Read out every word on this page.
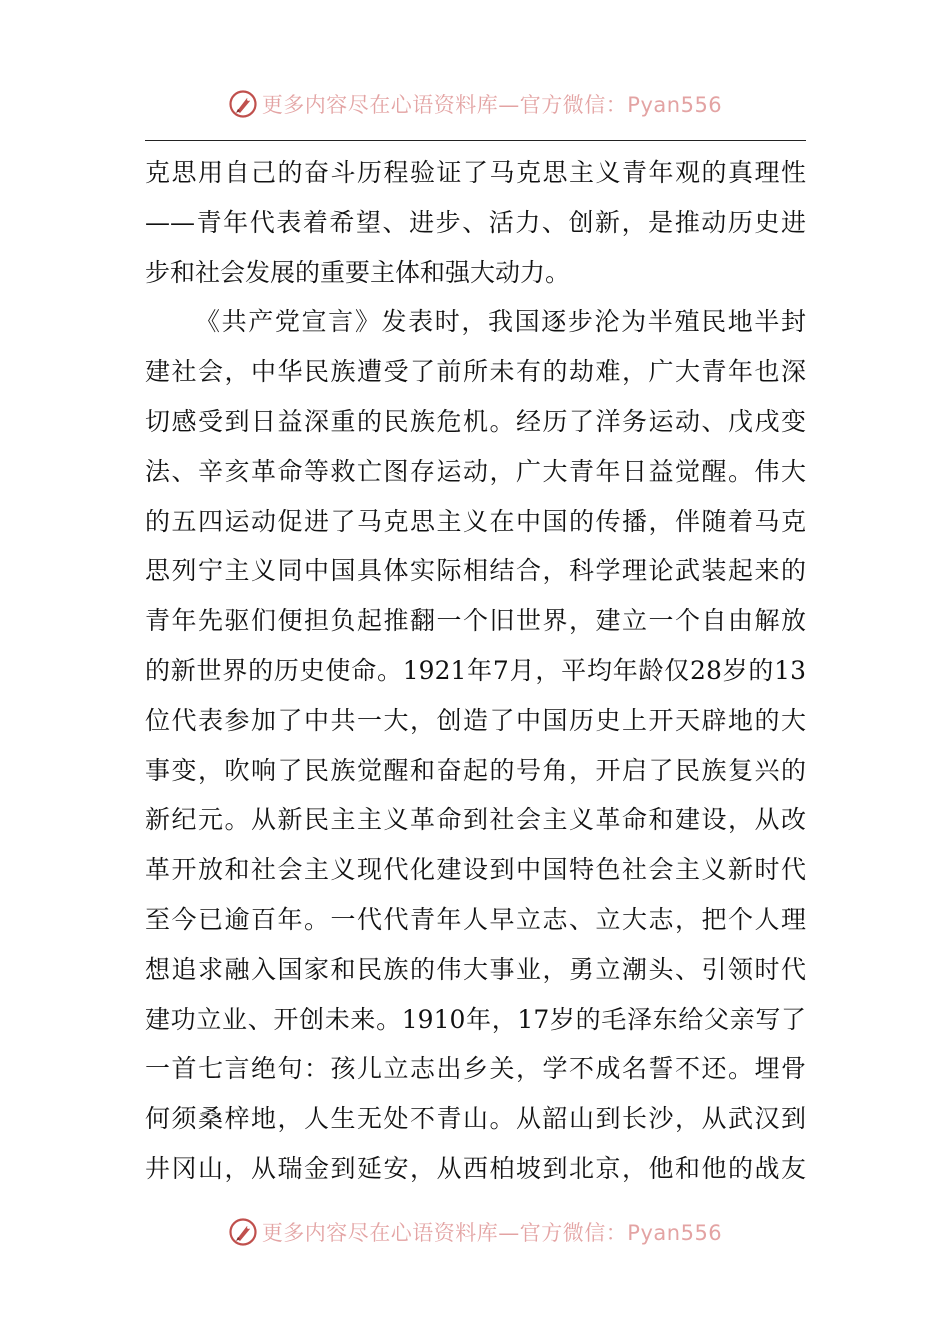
更多内容尽在心语资料库—官方微信：Pyan556
克思用自己的奋斗历程验证了马克思主义青年观的真理性
——青年代表着希望、进步、活力、创新，是推动历史进
步和社会发展的重要主体和强大动力。
《共产党宣言》发表时，我国逐步沦为半殖民地半封
建社会，中华民族遭受了前所未有的劫难，广大青年也深
切感受到日益深重的民族危机。经历了洋务运动、戊戌变
法、辛亥革命等救亡图存运动，广大青年日益觉醒。伟大
的五四运动促进了马克思主义在中国的传播，伴随着马克
思列宁主义同中国具体实际相结合，科学理论武装起来的
青年先驱们便担负起推翻一个旧世界，建立一个自由解放
的新世界的历史使命。1921年7月，平均年龄仅28岁的13
位代表参加了中共一大，创造了中国历史上开天辟地的大
事变，吹响了民族觉醒和奋起的号角，开启了民族复兴的
新纪元。从新民主主义革命到社会主义革命和建设，从改
革开放和社会主义现代化建设到中国特色社会主义新时代
至今已逾百年。一代代青年人早立志、立大志，把个人理
想追求融入国家和民族的伟大事业，勇立潮头、引领时代
建功立业、开创未来。1910年，17岁的毛泽东给父亲写了
一首七言绝句：孩儿立志出乡关，学不成名誓不还。埋骨
何须桑梓地，人生无处不青山。从韶山到长沙，从武汉到
井冈山，从瑞金到延安，从西柏坡到北京，他和他的战友
更多内容尽在心语资料库—官方微信：Pyan556
